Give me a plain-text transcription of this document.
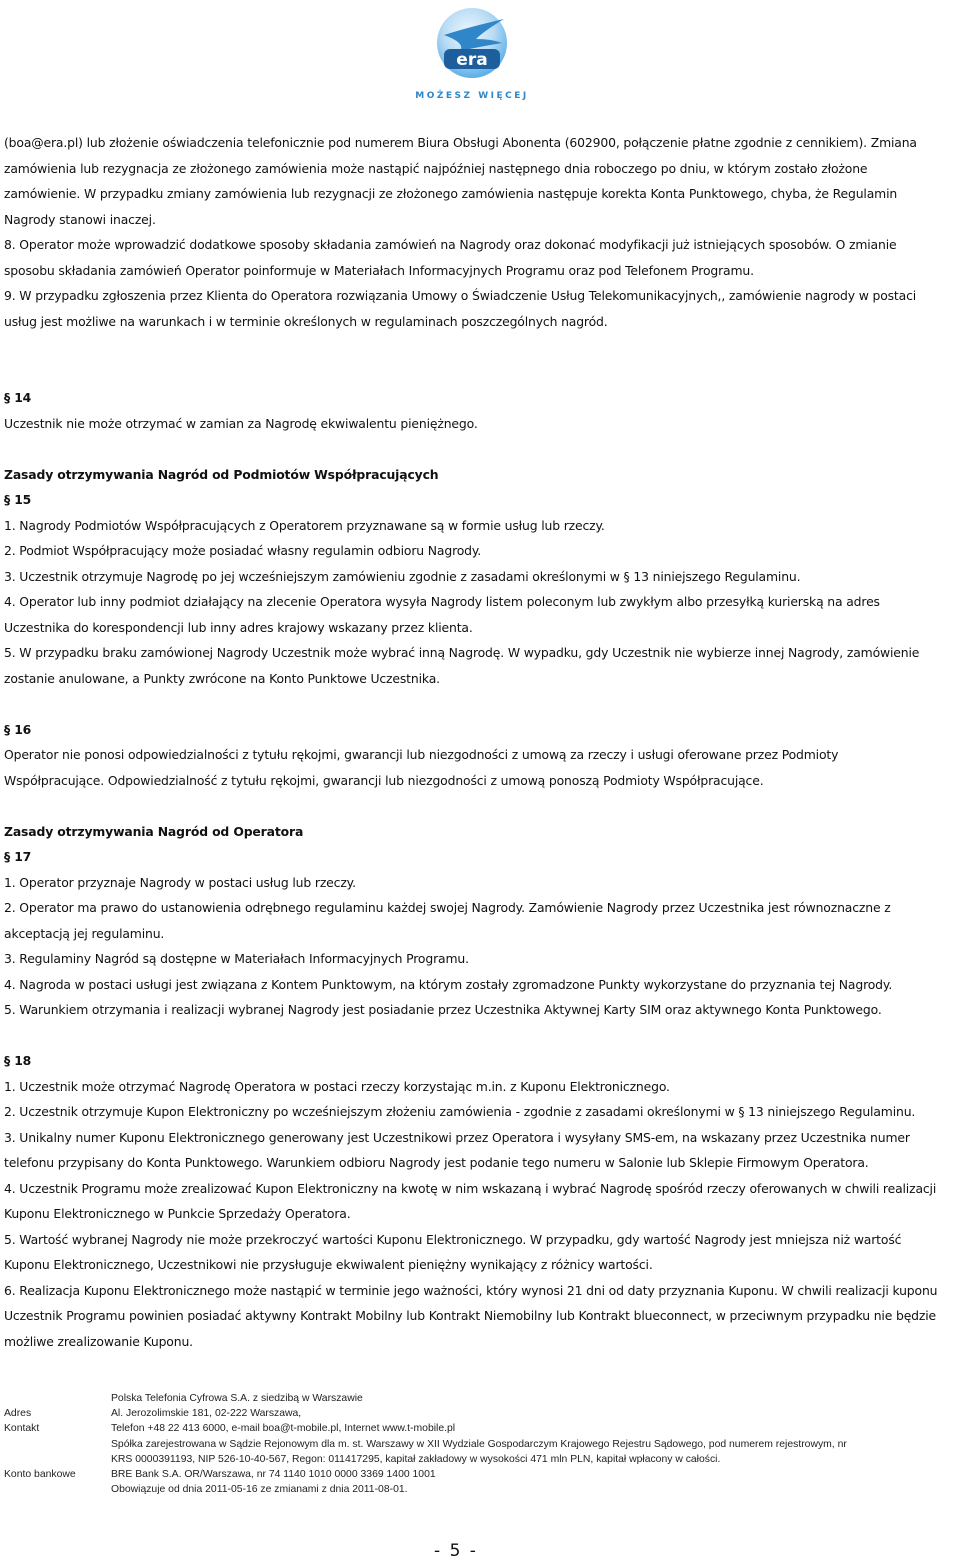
era
MOŻESZ WIĘCEJ

(boa@era.pl) lub złożenie oświadczenia telefonicznie pod numerem Biura Obsługi Abonenta (602900, połączenie płatne zgodnie z cennikiem). Zmiana zamówienia lub rezygnacja ze złożonego zamówienia może nastąpić najpóźniej następnego dnia roboczego po dniu, w którym zostało złożone zamówienie. W przypadku zmiany zamówienia lub rezygnacji ze złożonego zamówienia następuje korekta Konta Punktowego, chyba, że Regulamin Nagrody stanowi inaczej.

8. Operator może wprowadzić dodatkowe sposoby składania zamówień na Nagrody oraz dokonać modyfikacji już istniejących sposobów. O zmianie sposobu składania zamówień Operator poinformuje w Materiałach Informacyjnych Programu oraz pod Telefonem Programu.

9. W przypadku zgłoszenia przez Klienta do Operatora rozwiązania Umowy o Świadczenie Usług Telekomunikacyjnych,, zamówienie nagrody w postaci usług jest możliwe na warunkach i w terminie określonych w regulaminach poszczególnych nagród.

§ 14

Uczestnik nie może otrzymać w zamian za Nagrodę ekwiwalentu pieniężnego.

Zasady otrzymywania Nagród od Podmiotów Współpracujących

§ 15

1. Nagrody Podmiotów Współpracujących z Operatorem przyznawane są w formie usług lub rzeczy.

2. Podmiot Współpracujący może posiadać własny regulamin odbioru Nagrody.

3. Uczestnik otrzymuje Nagrodę po jej wcześniejszym zamówieniu zgodnie z zasadami określonymi w § 13 niniejszego Regulaminu.

4. Operator lub inny podmiot działający na zlecenie Operatora wysyła Nagrody listem poleconym lub zwykłym albo przesyłką kurierską na adres Uczestnika do korespondencji lub inny adres krajowy wskazany przez klienta.

5. W przypadku braku zamówionej Nagrody Uczestnik może wybrać inną Nagrodę. W wypadku, gdy Uczestnik nie wybierze innej Nagrody, zamówienie zostanie anulowane, a Punkty zwrócone na Konto Punktowe Uczestnika.

§ 16

Operator nie ponosi odpowiedzialności z tytułu rękojmi, gwarancji lub niezgodności z umową za rzeczy i usługi oferowane przez Podmioty Współpracujące. Odpowiedzialność z tytułu rękojmi, gwarancji lub niezgodności z umową ponoszą Podmioty Współpracujące.

Zasady otrzymywania Nagród od Operatora

§ 17

1. Operator przyznaje Nagrody w postaci usług lub rzeczy.

2. Operator ma prawo do ustanowienia odrębnego regulaminu każdej swojej Nagrody. Zamówienie Nagrody przez Uczestnika jest równoznaczne z akceptacją jej regulaminu.

3. Regulaminy Nagród są dostępne w Materiałach Informacyjnych Programu.

4. Nagroda w postaci usługi jest związana z Kontem Punktowym, na którym zostały zgromadzone Punkty wykorzystane do przyznania tej Nagrody.

5. Warunkiem otrzymania i realizacji wybranej Nagrody jest posiadanie przez Uczestnika Aktywnej Karty SIM oraz aktywnego Konta Punktowego.

§ 18

1. Uczestnik może otrzymać Nagrodę Operatora w postaci rzeczy korzystając m.in. z Kuponu Elektronicznego.

2. Uczestnik otrzymuje Kupon Elektroniczny po wcześniejszym złożeniu zamówienia - zgodnie z zasadami określonymi w § 13 niniejszego Regulaminu.

3. Unikalny numer Kuponu Elektronicznego generowany jest Uczestnikowi przez Operatora i wysyłany SMS-em, na wskazany przez Uczestnika numer telefonu przypisany do Konta Punktowego. Warunkiem odbioru Nagrody jest podanie tego numeru w Salonie lub Sklepie Firmowym Operatora.

4. Uczestnik Programu może zrealizować Kupon Elektroniczny na kwotę w nim wskazaną i wybrać Nagrodę spośród rzeczy oferowanych w chwili realizacji Kuponu Elektronicznego w Punkcie Sprzedaży Operatora.

5. Wartość wybranej Nagrody nie może przekroczyć wartości Kuponu Elektronicznego. W przypadku, gdy wartość Nagrody jest mniejsza niż wartość Kuponu Elektronicznego, Uczestnikowi nie przysługuje ekwiwalent pieniężny wynikający z różnicy wartości.

6. Realizacja Kuponu Elektronicznego może nastąpić w terminie jego ważności, który wynosi 21 dni od daty przyznania Kuponu. W chwili realizacji kuponu Uczestnik Programu powinien posiadać aktywny Kontrakt Mobilny lub Kontrakt Niemobilny lub Kontrakt blueconnect, w przeciwnym przypadku nie będzie możliwe zrealizowanie Kuponu.

Polska Telefonia Cyfrowa S.A. z siedzibą w Warszawie
Adres	Al. Jerozolimskie 181, 02-222 Warszawa,
Kontakt	Telefon +48 22 413 6000, e-mail boa@t-mobile.pl, Internet www.t-mobile.pl
Spółka zarejestrowana w Sądzie Rejonowym dla m. st. Warszawy w XII Wydziale Gospodarczym Krajowego Rejestru Sądowego, pod numerem rejestrowym, nr
KRS 0000391193, NIP 526-10-40-567, Regon: 011417295, kapitał zakładowy w wysokości 471 mln PLN, kapitał wpłacony w całości.
Konto bankowe	BRE Bank S.A. OR/Warszawa, nr 74 1140 1010 0000 3369 1400 1001
Obowiązuje od dnia 2011-05-16 ze zmianami z dnia 2011-08-01.
- 5 -
